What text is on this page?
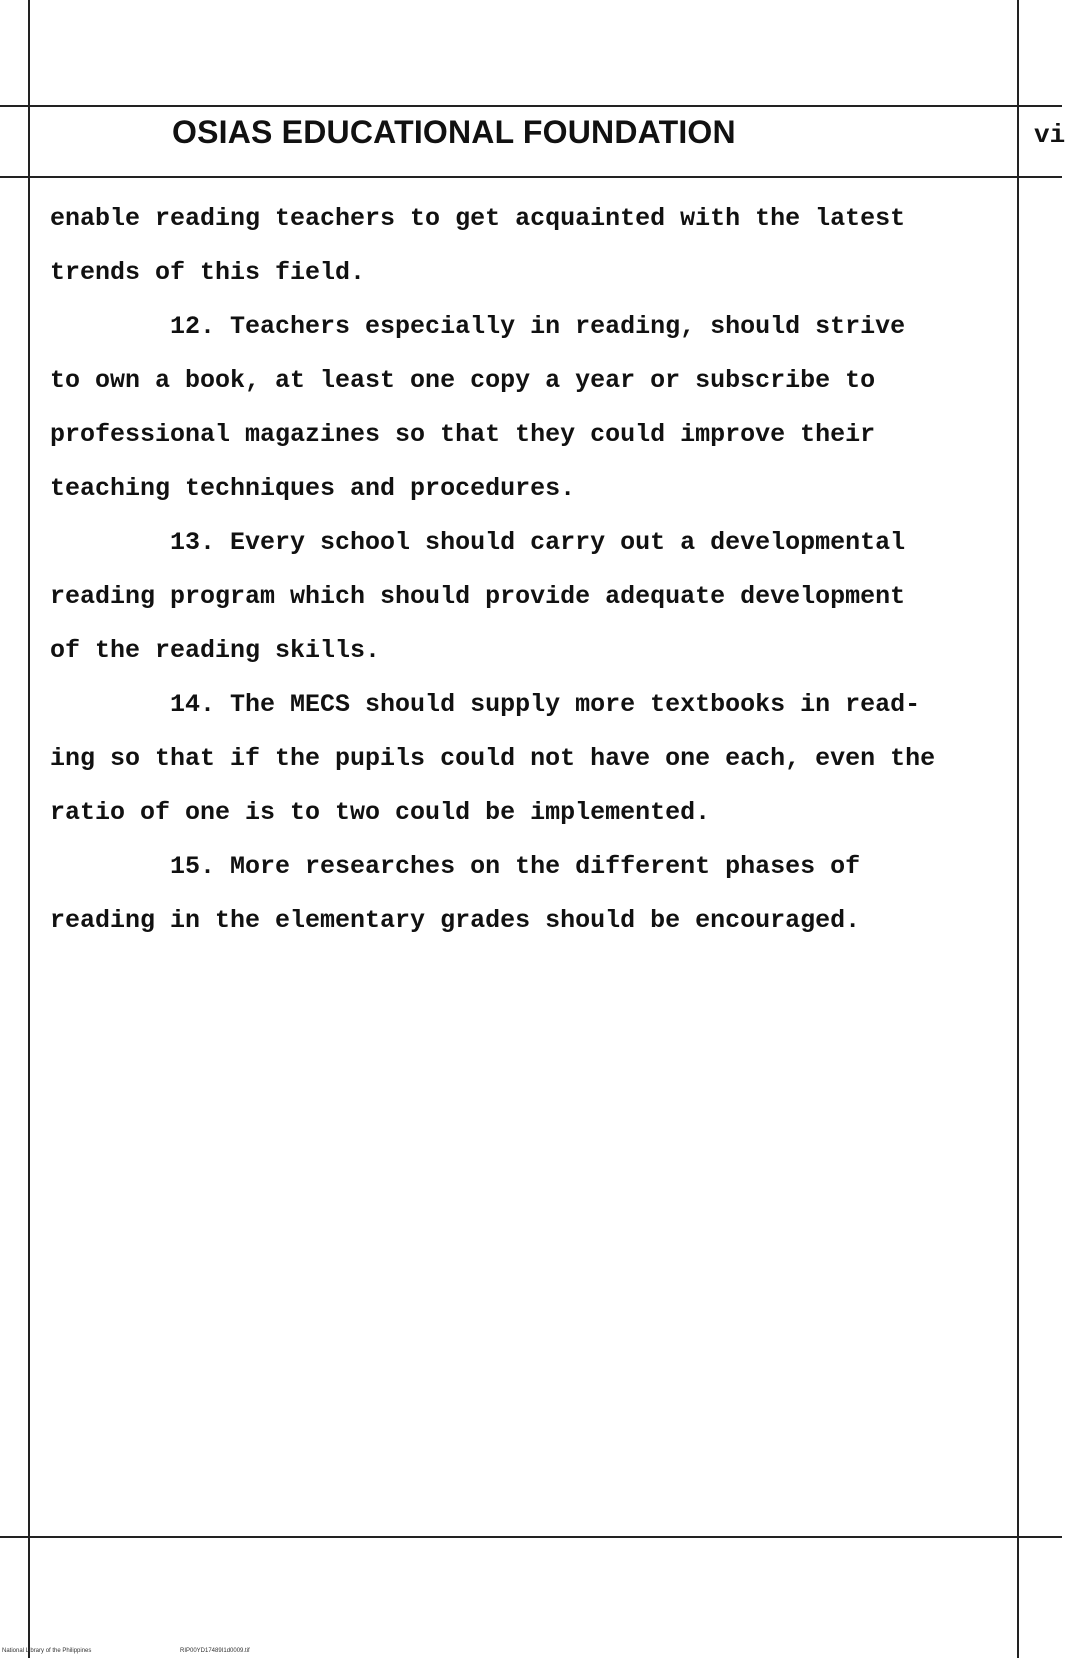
OSIAS EDUCATIONAL FOUNDATION	vi
enable reading teachers to get acquainted with the latest
trends of this field.
12. Teachers especially in reading, should strive
to own a book, at least one copy a year or subscribe to
professional magazines so that they could improve their
teaching techniques and procedures.
13. Every school should carry out a developmental
reading program which should provide adequate development
of the reading skills.
14. The MECS should supply more textbooks in read-
ing so that if the pupils could not have one each, even the
ratio of one is to two could be implemented.
15. More researches on the different phases of
reading in the elementary grades should be encouraged.
National Library of the Philippines	RIP00YD17489I1d0009.tif
